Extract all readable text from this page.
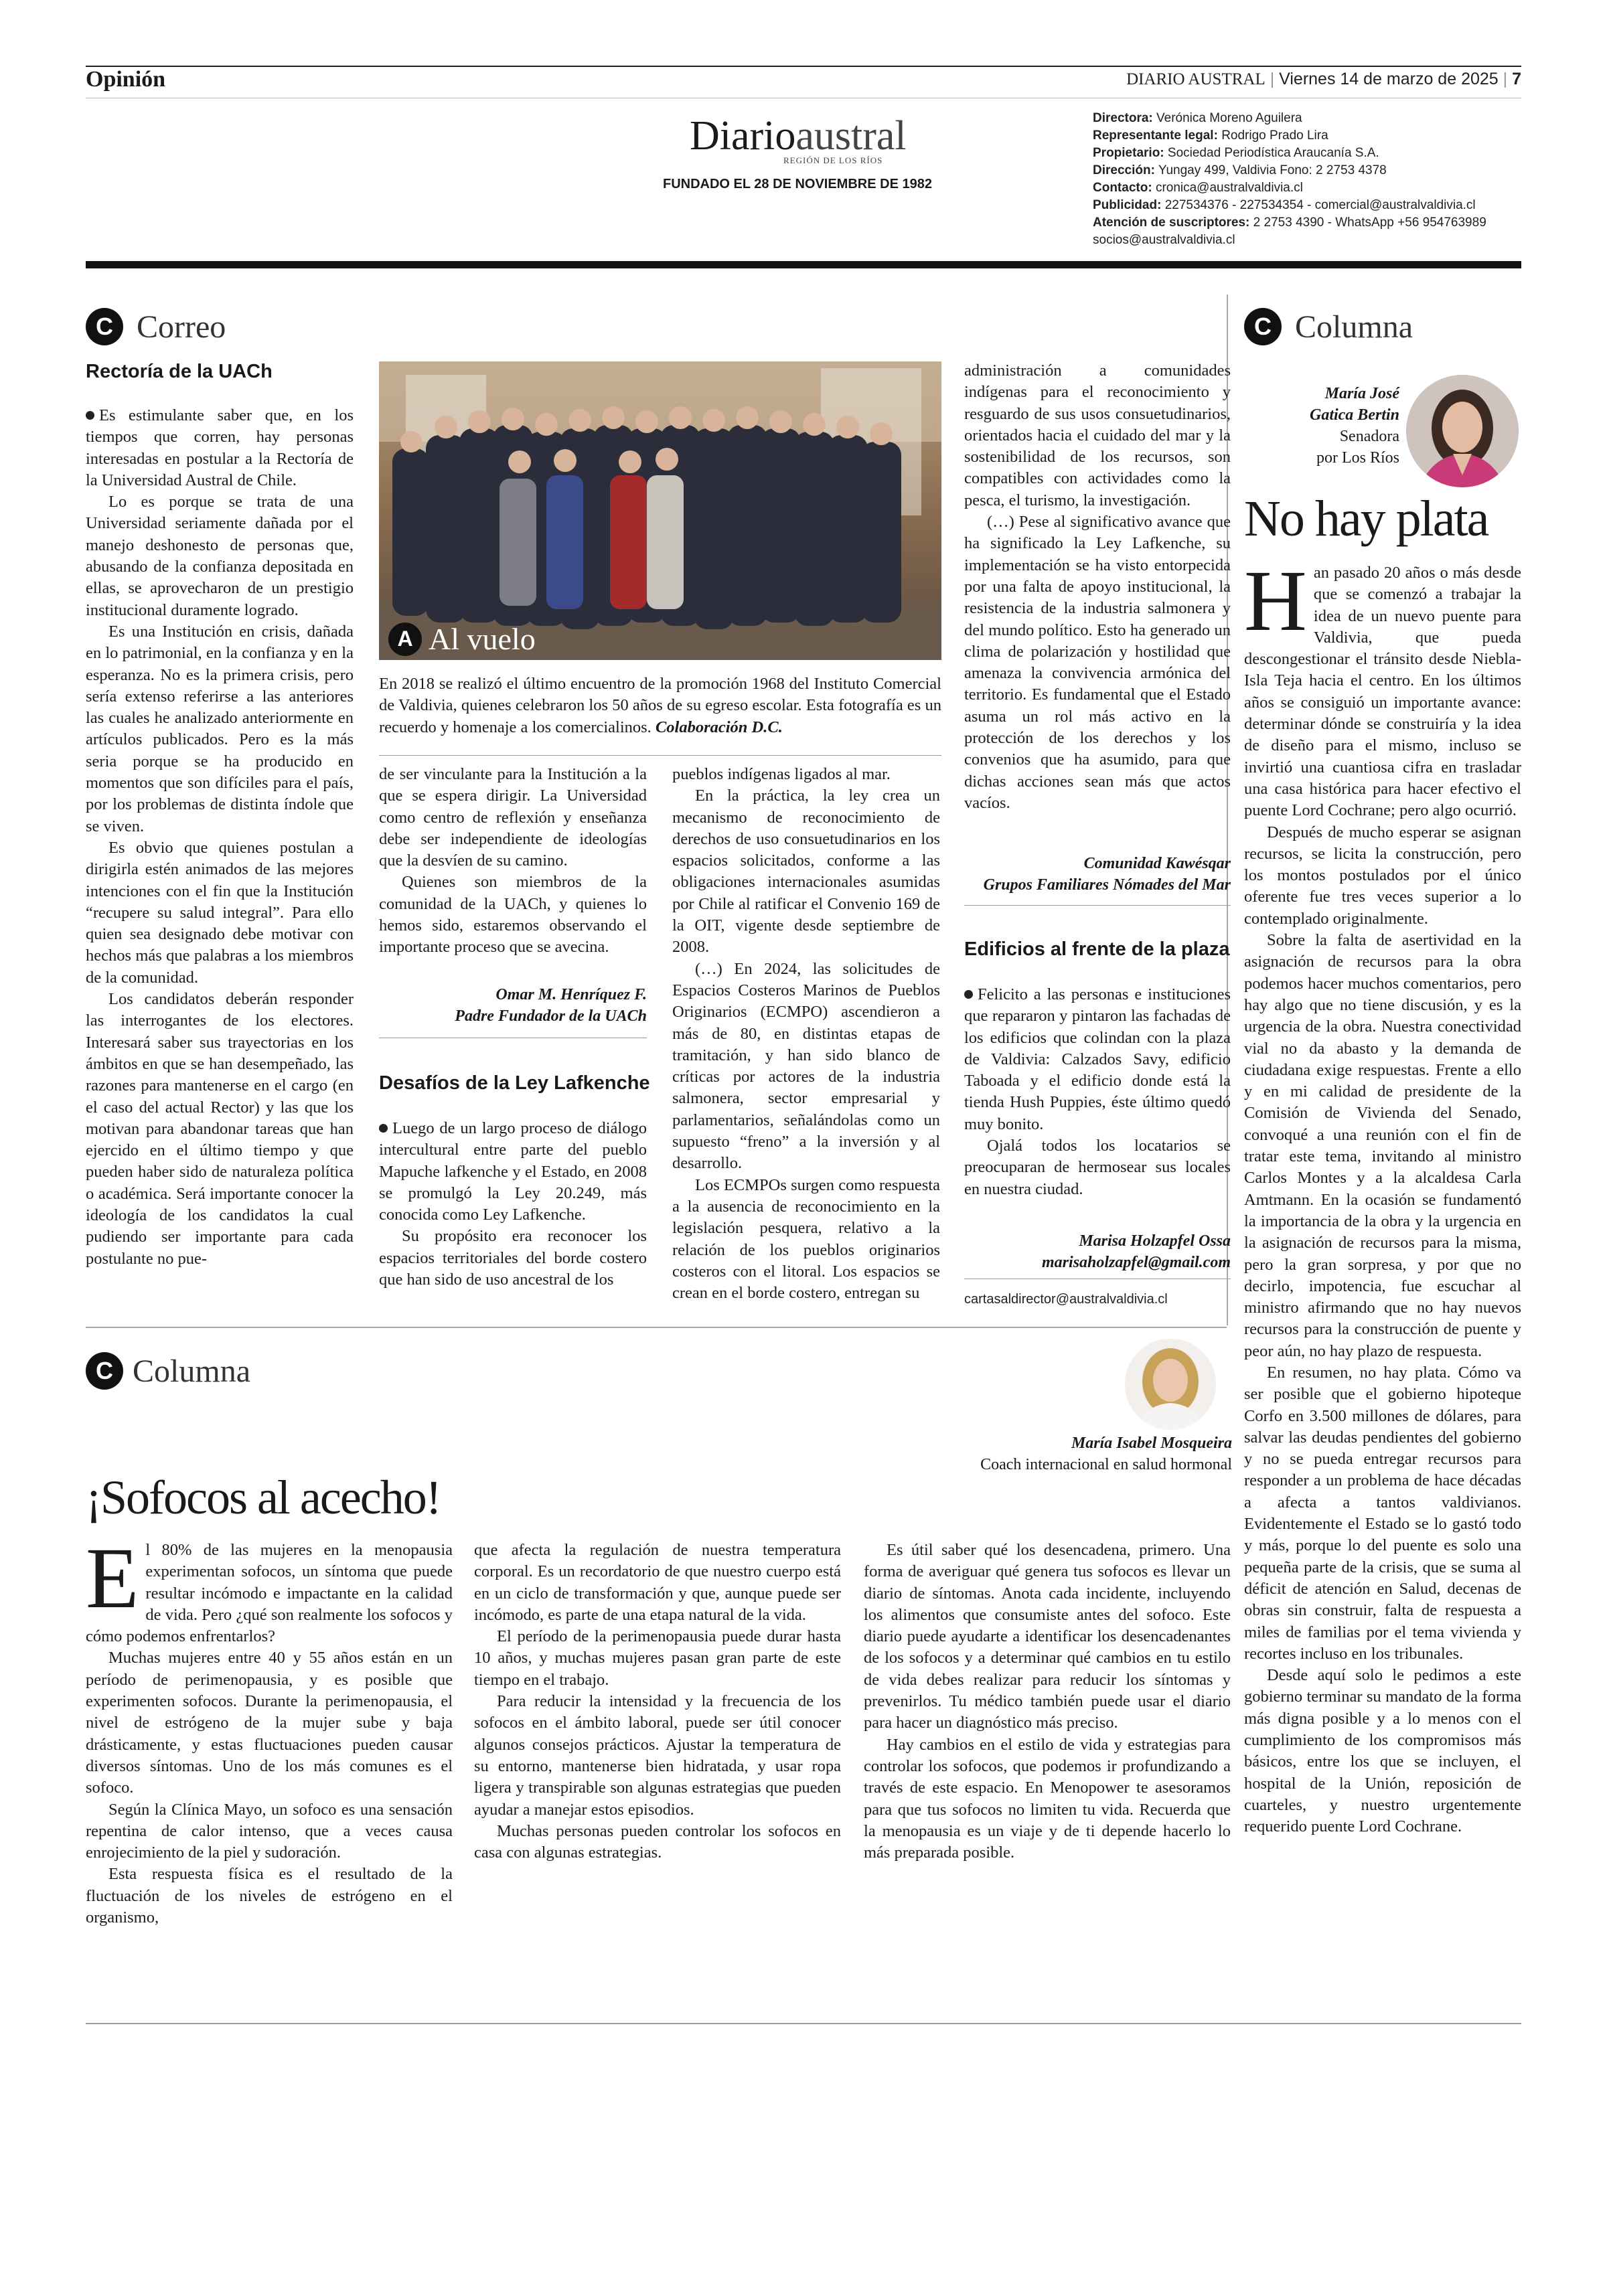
Opinión	DIARIO AUSTRAL | Viernes 14 de marzo de 2025 | 7
Diarioaustral
REGIÓN DE LOS RÍOS
FUNDADO EL 28 DE NOVIEMBRE DE 1982
Directora: Verónica Moreno Aguilera
Representante legal: Rodrigo Prado Lira
Propietario: Sociedad Periodística Araucanía S.A.
Dirección: Yungay 499, Valdivia Fono: 2 2753 4378
Contacto: cronica@australvaldivia.cl
Publicidad: 227534376 - 227534354 - comercial@australvaldivia.cl
Atención de suscriptores: 2 2753 4390 - WhatsApp +56 954763989
socios@australvaldivia.cl
C Correo
Rectoría de la UACh

Es estimulante saber que, en los tiempos que corren, hay personas interesadas en postular a la Rectoría de la Universidad Austral de Chile.

Lo es porque se trata de una Universidad seriamente dañada por el manejo deshonesto de personas que, abusando de la confianza depositada en ellas, se aprovecharon de un prestigio institucional duramente logrado.

Es una Institución en crisis, dañada en lo patrimonial, en la confianza y en la esperanza. No es la primera crisis, pero sería extenso referirse a las anteriores las cuales he analizado anteriormente en artículos publicados. Pero es la más seria porque se ha producido en momentos que son difíciles para el país, por los problemas de distinta índole que se viven.

Es obvio que quienes postulan a dirigirla estén animados de las mejores intenciones con el fin que la Institución “recupere su salud integral”. Para ello quien sea designado debe motivar con hechos más que palabras a los miembros de la comunidad.

Los candidatos deberán responder las interrogantes de los electores. Interesará saber sus trayectorias en los ámbitos en que se han desempeñado, las razones para mantenerse en el cargo (en el caso del actual Rector) y las que los motivan para abandonar tareas que han ejercido en el último tiempo y que pueden haber sido de naturaleza política o académica. Será importante conocer la ideología de los candidatos la cual pudiendo ser importante para cada postulante no pue-

A Al vuelo
En 2018 se realizó el último encuentro de la promoción 1968 del Instituto Comercial de Valdivia, quienes celebraron los 50 años de su egreso escolar. Esta fotografía es un recuerdo y homenaje a los comercialinos. Colaboración D.C.

de ser vinculante para la Institución a la que se espera dirigir. La Universidad como centro de reflexión y enseñanza debe ser independiente de ideologías que la desvíen de su camino.

Quienes son miembros de la comunidad de la UACh, y quienes lo hemos sido, estaremos observando el importante proceso que se avecina.

Omar M. Henríquez F.
Padre Fundador de la UACh
Desafíos de la Ley Lafkenche

Luego de un largo proceso de diálogo intercultural entre parte del pueblo Mapuche lafkenche y el Estado, en 2008 se promulgó la Ley 20.249, más conocida como Ley Lafkenche.

Su propósito era reconocer los espacios territoriales del borde costero que han sido de uso ancestral de los

pueblos indígenas ligados al mar.

En la práctica, la ley crea un mecanismo de reconocimiento de derechos de uso consuetudinarios en los espacios solicitados, conforme a las obligaciones internacionales asumidas por Chile al ratificar el Convenio 169 de la OIT, vigente desde septiembre de 2008.

(…) En 2024, las solicitudes de Espacios Costeros Marinos de Pueblos Originarios (ECMPO) ascendieron a más de 80, en distintas etapas de tramitación, y han sido blanco de críticas por actores de la industria salmonera, sector empresarial y parlamentarios, señalándolas como un supuesto “freno” a la inversión y al desarrollo.

Los ECMPOs surgen como respuesta a la ausencia de reconocimiento en la legislación pesquera, relativo a la relación de los pueblos originarios costeros con el litoral. Los espacios se crean en el borde costero, entregan su

administración a comunidades indígenas para el reconocimiento y resguardo de sus usos consuetudinarios, orientados hacia el cuidado del mar y la sostenibilidad de los recursos, son compatibles con actividades como la pesca, el turismo, la investigación.

(…) Pese al significativo avance que ha significado la Ley Lafkenche, su implementación se ha visto entorpecida por una falta de apoyo institucional, la resistencia de la industria salmonera y del mundo político. Esto ha generado un clima de polarización y hostilidad que amenaza la convivencia armónica del territorio. Es fundamental que el Estado asuma un rol más activo en la protección de los derechos y los convenios que ha asumido, para que dichas acciones sean más que actos vacíos.

Comunidad Kawésqar
Grupos Familiares Nómades del Mar
Edificios al frente de la plaza

Felicito a las personas e instituciones que repararon y pintaron las fachadas de los edificios que colindan con la plaza de Valdivia: Calzados Savy, edificio Taboada y el edificio donde está la tienda Hush Puppies, éste último quedó muy bonito.

Ojalá todos los locatarios se preocuparan de hermosear sus locales en nuestra ciudad.

Marisa Holzapfel Ossa
marisaholzapfel@gmail.com
cartasaldirector@australvaldivia.cl
C Columna
María José
Gatica Bertin
Senadora
por Los Ríos
No hay plata

Han pasado 20 años o más desde que se comenzó a trabajar la idea de un nuevo puente para Valdivia, que pueda descongestionar el tránsito desde Niebla-Isla Teja hacia el centro. En los últimos años se consiguió un importante avance: determinar dónde se construiría y la idea de diseño para el mismo, incluso se invirtió una cuantiosa cifra en trasladar una casa histórica para hacer efectivo el puente Lord Cochrane; pero algo ocurrió.

Después de mucho esperar se asignan recursos, se licita la construcción, pero los montos postulados por el único oferente fue tres veces superior a lo contemplado originalmente.

Sobre la falta de asertividad en la asignación de recursos para la obra podemos hacer muchos comentarios, pero hay algo que no tiene discusión, y es la urgencia de la obra. Nuestra conectividad vial no da abasto y la demanda de ciudadana exige respuestas. Frente a ello y en mi calidad de presidente de la Comisión de Vivienda del Senado, convoqué a una reunión con el fin de tratar este tema, invitando al ministro Carlos Montes y a la alcaldesa Carla Amtmann. En la ocasión se fundamentó la importancia de la obra y la urgencia en la asignación de recursos para la misma, pero la gran sorpresa, y por que no decirlo, impotencia, fue escuchar al ministro afirmando que no hay nuevos recursos para la construcción de puente y peor aún, no hay plazo de respuesta.

En resumen, no hay plata. Cómo va ser posible que el gobierno hipoteque Corfo en 3.500 millones de dólares, para salvar las deudas pendientes del gobierno y no se pueda entregar recursos para responder a un problema de hace décadas a afecta a tantos valdivianos. Evidentemente el Estado se lo gastó todo y más, porque lo del puente es solo una pequeña parte de la crisis, que se suma al déficit de atención en Salud, decenas de obras sin construir, falta de respuesta a miles de familias por el tema vivienda y recortes incluso en los tribunales.

Desde aquí solo le pedimos a este gobierno terminar su mandato de la forma más digna posible y a lo menos con el cumplimiento de los compromisos más básicos, entre los que se incluyen, el hospital de la Unión, reposición de cuarteles, y nuestro urgentemente requerido puente Lord Cochrane.

C Columna
María Isabel Mosqueira
Coach internacional en salud hormonal
¡Sofocos al acecho!

El 80% de las mujeres en la menopausia experimentan sofocos, un síntoma que puede resultar incómodo e impactante en la calidad de vida. Pero ¿qué son realmente los sofocos y cómo podemos enfrentarlos?

Muchas mujeres entre 40 y 55 años están en un período de perimenopausia, y es posible que experimenten sofocos. Durante la perimenopausia, el nivel de estrógeno de la mujer sube y baja drásticamente, y estas fluctuaciones pueden causar diversos síntomas. Uno de los más comunes es el sofoco.

Según la Clínica Mayo, un sofoco es una sensación repentina de calor intenso, que a veces causa enrojecimiento de la piel y sudoración.

Esta respuesta física es el resultado de la fluctuación de los niveles de estrógeno en el organismo,

que afecta la regulación de nuestra temperatura corporal. Es un recordatorio de que nuestro cuerpo está en un ciclo de transformación y que, aunque puede ser incómodo, es parte de una etapa natural de la vida.

El período de la perimenopausia puede durar hasta 10 años, y muchas mujeres pasan gran parte de este tiempo en el trabajo.

Para reducir la intensidad y la frecuencia de los sofocos en el ámbito laboral, puede ser útil conocer algunos consejos prácticos. Ajustar la temperatura de su entorno, mantenerse bien hidratada, y usar ropa ligera y transpirable son algunas estrategias que pueden ayudar a manejar estos episodios.

Muchas personas pueden controlar los sofocos en casa con algunas estrategias.

Es útil saber qué los desencadena, primero. Una forma de averiguar qué genera tus sofocos es llevar un diario de síntomas. Anota cada incidente, incluyendo los alimentos que consumiste antes del sofoco. Este diario puede ayudarte a identificar los desencadenantes de los sofocos y a determinar qué cambios en tu estilo de vida debes realizar para reducir los síntomas y prevenirlos. Tu médico también puede usar el diario para hacer un diagnóstico más preciso.

Hay cambios en el estilo de vida y estrategias para controlar los sofocos, que podemos ir profundizando a través de este espacio. En Menopower te asesoramos para que tus sofocos no limiten tu vida. Recuerda que la menopausia es un viaje y de ti depende hacerlo lo más preparada posible.
